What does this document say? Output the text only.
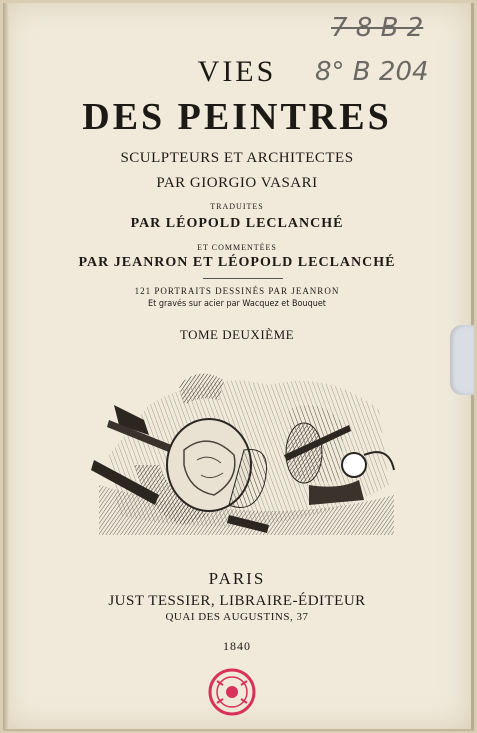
7 8 B 2
8° B 204
VIES
DES PEINTRES
SCULPTEURS ET ARCHITECTES
PAR GIORGIO VASARI
TRADUITES
PAR LÉOPOLD LECLANCHÉ
ET COMMENTÉES
PAR JEANRON ET LÉOPOLD LECLANCHÉ
121 PORTRAITS DESSINÉS PAR JEANRON
Et gravés sur acier par Wacquez et Bouquet
TOME DEUXIÈME
PARIS
JUST TESSIER, LIBRAIRE-ÉDITEUR
QUAI DES AUGUSTINS, 37
1840
